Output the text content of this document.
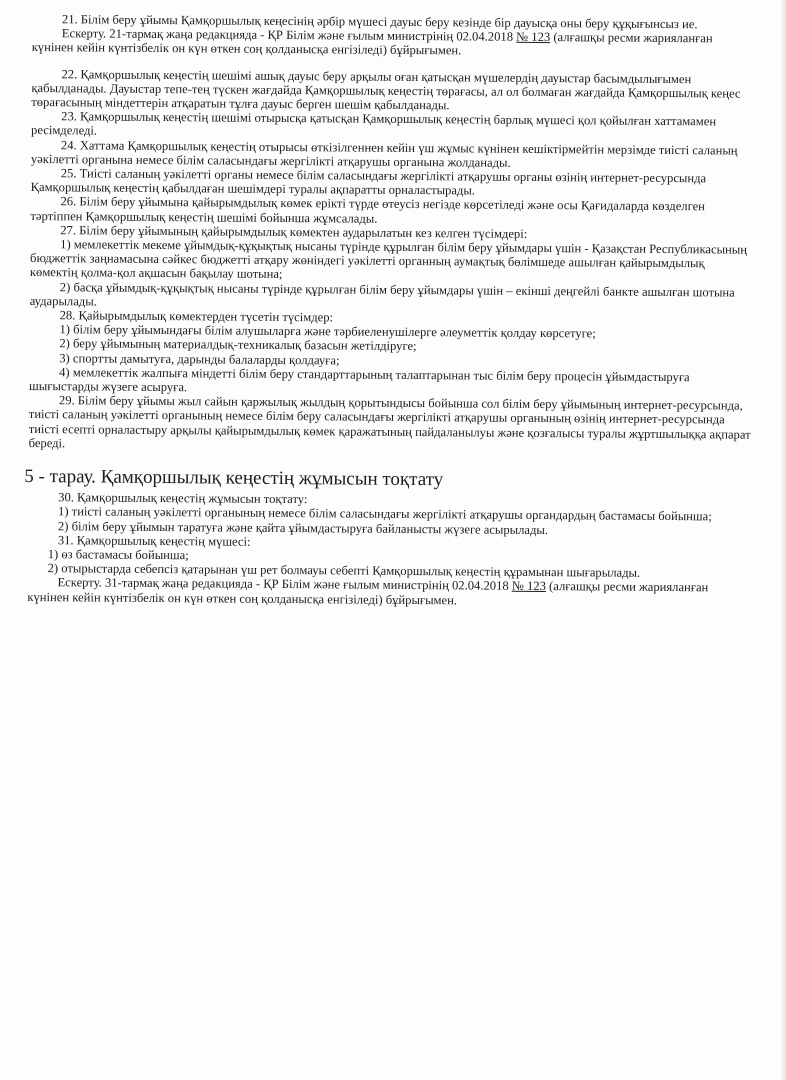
21. Білім беру ұйымы Қамқоршылық кеңесінің әрбір мүшесі дауыс беру кезінде бір дауысқа оны беру құқығынсыз ие.

Ескерту. 21-тармақ жаңа редакцияда - ҚР Білім және ғылым министрінің 02.04.2018 № 123 (алғашқы ресми жарияланған күнінен кейін күнтізбелік он күн өткен соң қолданысқа енгізіледі) бұйрығымен.

22. Қамқоршылық кеңестің шешімі ашық дауыс беру арқылы оған қатысқан мүшелердің дауыстар басымдылығымен қабылданады. Дауыстар тепе-тең түскен жағдайда Қамқоршылық кеңестің төрағасы, ал ол болмаған жағдайда Қамқоршылық кеңес төрағасының міндеттерін атқаратын тұлға дауыс берген шешім қабылданады.

23. Қамқоршылық кеңестің шешімі отырысқа қатысқан Қамқоршылық кеңестің барлық мүшесі қол қойылған хаттамамен ресімделеді.

24. Хаттама Қамқоршылық кеңестің отырысы өткізілгеннен кейін үш жұмыс күнінен кешіктірмейтін мерзімде тиісті саланың уәкілетті органына немесе білім саласындағы жергілікті атқарушы органына жолданады.

25. Тиісті саланың уәкілетті органы немесе білім саласындағы жергілікті атқарушы органы өзінің интернет-ресурсында Қамқоршылық кеңестің қабылдаған шешімдері туралы ақпаратты орналастырады.

26. Білім беру ұйымына қайырымдылық көмек ерікті түрде өтеусіз негізде көрсетіледі және осы Қағидаларда көзделген тәртіппен Қамқоршылық кеңестің шешімі бойынша жұмсалады.

27. Білім беру ұйымының қайырымдылық көмектен аударылатын кез келген түсімдері:

1) мемлекеттік мекеме ұйымдық-құқықтық нысаны түрінде құрылған білім беру ұйымдары үшін - Қазақстан Республикасының бюджеттік заңнамасына сәйкес бюджетті атқару жөніндегі уәкілетті органның аумақтық бөлімшеде ашылған қайырымдылық көмектің қолма-қол ақшасын бақылау шотына;

2) басқа ұйымдық-құқықтық нысаны түрінде құрылған білім беру ұйымдары үшін – екінші деңгейлі банкте ашылған шотына аударылады.

28. Қайырымдылық көмектерден түсетін түсімдер:

1) білім беру ұйымындағы білім алушыларға және тәрбиеленушілерге әлеуметтік қолдау көрсетуге;

2) беру ұйымының материалдық-техникалық базасын жетілдіруге;

3) спортты дамытуға, дарынды балаларды қолдауға;

4) мемлекеттік жалпыға міндетті білім беру стандарттарының талаптарынан тыс білім беру процесін ұйымдастыруға шығыстарды жүзеге асыруға.

29. Білім беру ұйымы жыл сайын қаржылық жылдың қорытындысы бойынша сол білім беру ұйымының интернет-ресурсында, тиісті саланың уәкілетті органының немесе білім беру саласындағы жергілікті атқарушы органының өзінің интернет-ресурсында тиісті есепті орналастыру арқылы қайырымдылық көмек қаражатының пайдаланылуы және қозғалысы туралы жұртшылыққа ақпарат береді.

5 - тарау. Қамқоршылық кеңестің жұмысын тоқтату

30. Қамқоршылық кеңестің жұмысын тоқтату:

1) тиісті саланың уәкілетті органының немесе білім саласындағы жергілікті атқарушы органдардың бастамасы бойынша;

2) білім беру ұйымын таратуға және қайта ұйымдастыруға байланысты жүзеге асырылады.

31. Қамқоршылық кеңестің мүшесі:

1) өз бастамасы бойынша;

2) отырыстарда себепсіз қатарынан үш рет болмауы себепті Қамқоршылық кеңестің құрамынан шығарылады.

Ескерту. 31-тармақ жаңа редакцияда - ҚР Білім және ғылым министрінің 02.04.2018 № 123 (алғашқы ресми жарияланған күнінен кейін күнтізбелік он күн өткен соң қолданысқа енгізіледі) бұйрығымен.
